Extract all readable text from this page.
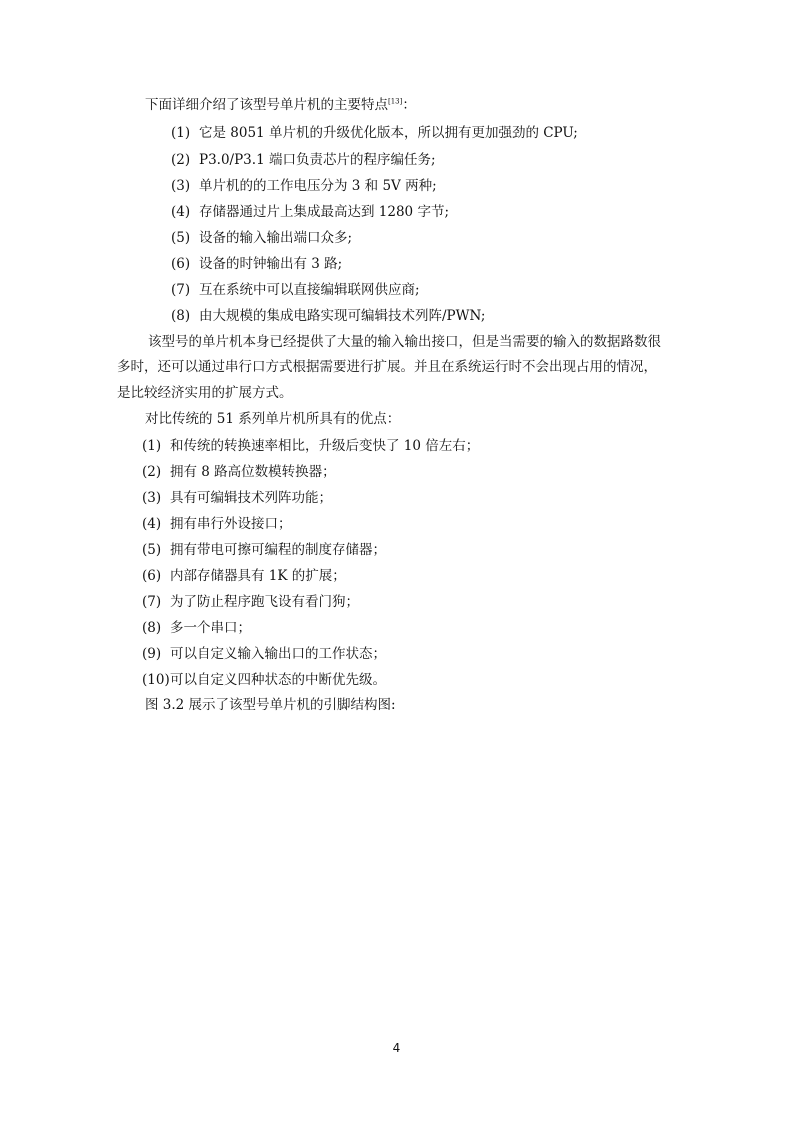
下面详细介绍了该型号单片机的主要特点[13]：
(1) 它是 8051 单片机的升级优化版本，所以拥有更加强劲的 CPU;
(2) P3.0/P3.1 端口负责芯片的程序编任务;
(3) 单片机的的工作电压分为 3 和 5V 两种;
(4) 存储器通过片上集成最高达到 1280 字节;
(5) 设备的输入输出端口众多;
(6) 设备的时钟输出有 3 路;
(7) 互在系统中可以直接编辑联网供应商;
(8) 由大规模的集成电路实现可编辑技术列阵/PWN;
该型号的单片机本身已经提供了大量的输入输出接口，但是当需要的输入的数据路数很
多时，还可以通过串行口方式根据需要进行扩展。并且在系统运行时不会出现占用的情况，
是比较经济实用的扩展方式。
对比传统的 51 系列单片机所具有的优点：
(1) 和传统的转换速率相比，升级后变快了 10 倍左右；
(2) 拥有 8 路高位数模转换器；
(3) 具有可编辑技术列阵功能；
(4) 拥有串行外设接口；
(5) 拥有带电可擦可编程的制度存储器；
(6) 内部存储器具有 1K 的扩展；
(7) 为了防止程序跑飞设有看门狗；
(8) 多一个串口；
(9) 可以自定义输入输出口的工作状态；
(10)可以自定义四种状态的中断优先级。
图 3.2 展示了该型号单片机的引脚结构图:
4
